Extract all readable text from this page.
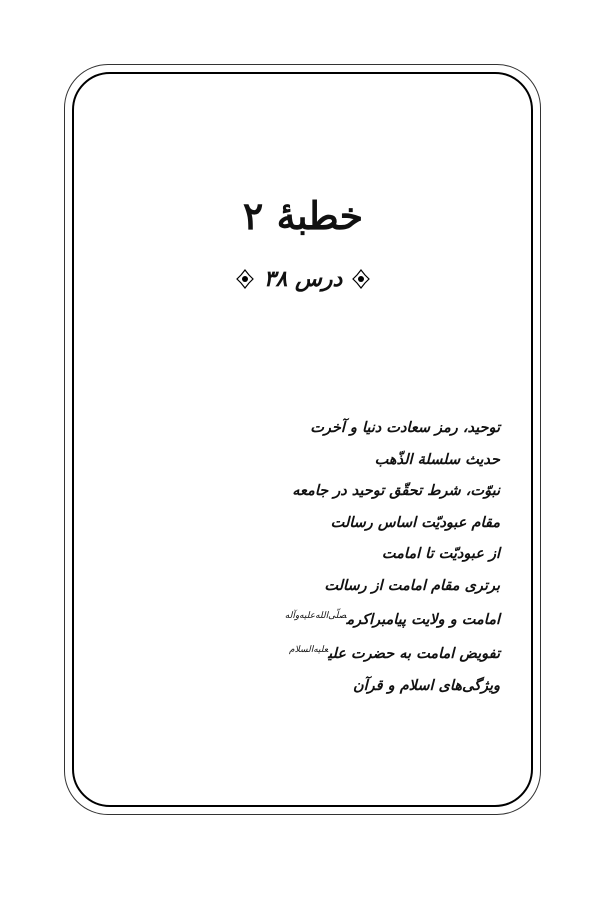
خطبهٔ ۲
درس ۳۸
توحید، رمز سعادت دنیا و آخرت
حدیث سلسلة الذّهب
نبوّت، شرط تحقّق توحید در جامعه
مقام عبودیّت اساس رسالت
از عبودیّت تا امامت
برتری مقام امامت از رسالت
امامت و ولایت پیامبراکرم$^{صلّی‌الله‌علیه‌وآله}$
تفویض امامت به حضرت علی$^{علیه‌السلام}$
ویژگی‌های اسلام و قرآن
